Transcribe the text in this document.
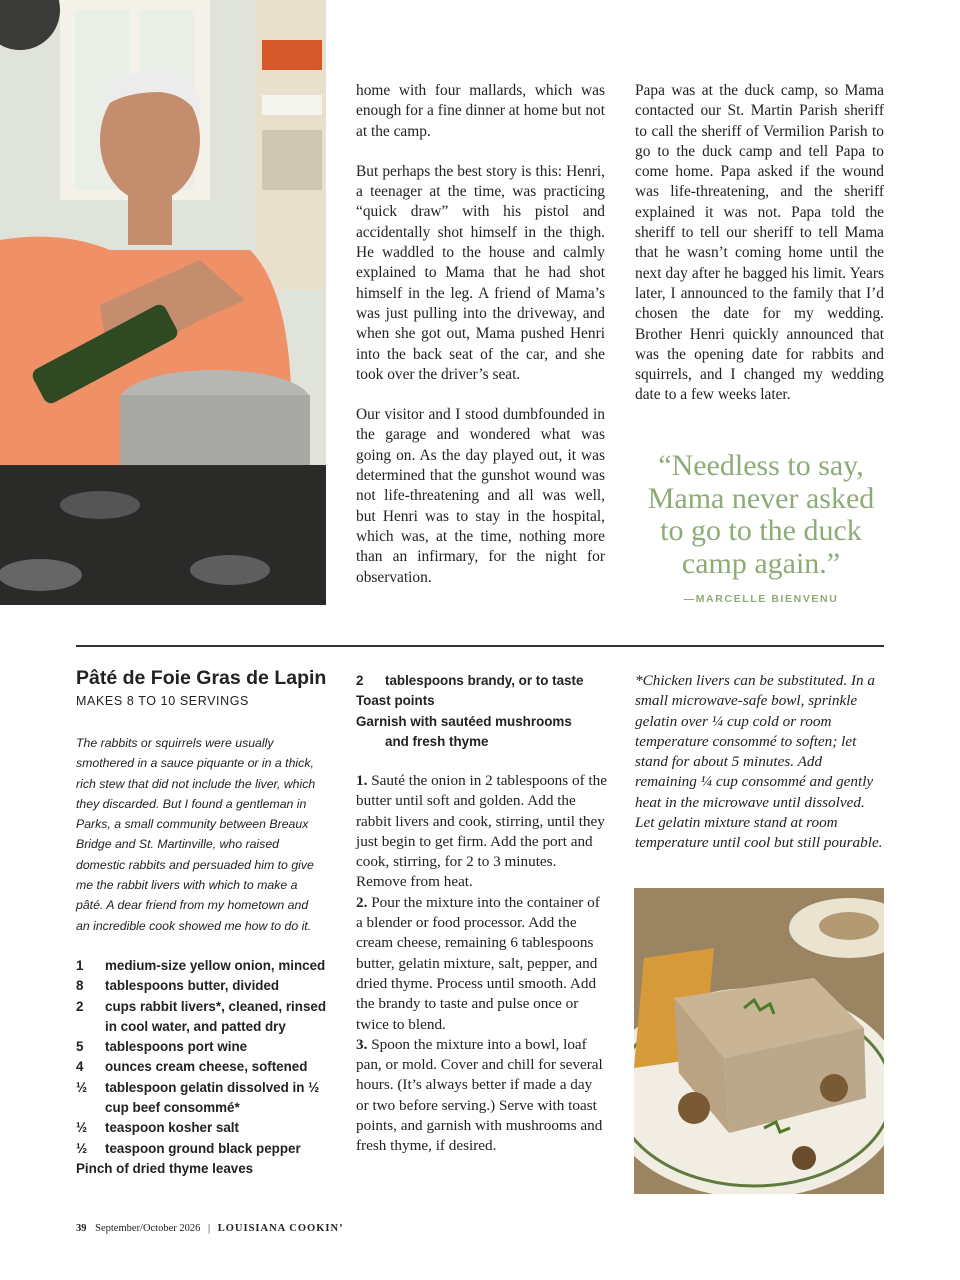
home with four mallards, which was enough for a fine dinner at home but not at the camp.

But perhaps the best story is this: Henri, a teenager at the time, was practicing “quick draw” with his pistol and accidentally shot himself in the thigh. He waddled to the house and calmly explained to Mama that he had shot himself in the leg. A friend of Mama’s was just pulling into the driveway, and when she got out, Mama pushed Henri into the back seat of the car, and she took over the driver’s seat.

Our visitor and I stood dumbfounded in the garage and wondered what was going on. As the day played out, it was determined that the gunshot wound was not life-threatening and all was well, but Henri was to stay in the hospital, which was, at the time, nothing more than an infirmary, for the night for observation.

Papa was at the duck camp, so Mama contacted our St. Martin Parish sheriff to call the sheriff of Vermilion Parish to go to the duck camp and tell Papa to come home. Papa asked if the wound was life-threatening, and the sheriff explained it was not. Papa told the sheriff to tell our sheriff to tell Mama that he wasn’t coming home until the next day after he bagged his limit. Years later, I announced to the family that I’d chosen the date for my wedding. Brother Henri quickly announced that was the opening date for rabbits and squirrels, and I changed my wedding date to a few weeks later.

“Needless to say, Mama never asked to go to the duck camp again.”
—MARCELLE BIENVENU
Pâté de Foie Gras de Lapin
MAKES 8 TO 10 SERVINGS
The rabbits or squirrels were usually smothered in a sauce piquante or in a thick, rich stew that did not include the liver, which they discarded. But I found a gentleman in Parks, a small community between Breaux Bridge and St. Martinville, who raised domestic rabbits and persuaded him to give me the rabbit livers with which to make a pâté. A dear friend from my hometown and an incredible cook showed me how to do it.
1	medium-size yellow onion, minced
8	tablespoons butter, divided
2	cups rabbit livers*, cleaned, rinsed in cool water, and patted dry
5	tablespoons port wine
4	ounces cream cheese, softened
½	tablespoon gelatin dissolved in ½ cup beef consommé*
½	teaspoon kosher salt
½	teaspoon ground black pepper
Pinch of dried thyme leaves
2	tablespoons brandy, or to taste
Toast points
Garnish with sautéed mushrooms
and fresh thyme
1. Sauté the onion in 2 tablespoons of the butter until soft and golden. Add the rabbit livers and cook, stirring, until they just begin to get firm. Add the port and cook, stirring, for 2 to 3 minutes. Remove from heat.
2. Pour the mixture into the container of a blender or food processor. Add the cream cheese, remaining 6 tablespoons butter, gelatin mixture, salt, pepper, and dried thyme. Process until smooth. Add the brandy to taste and pulse once or twice to blend.
3. Spoon the mixture into a bowl, loaf pan, or mold. Cover and chill for several hours. (It’s always better if made a day or two before serving.) Serve with toast points, and garnish with mushrooms and fresh thyme, if desired.
*Chicken livers can be substituted. In a small microwave-safe bowl, sprinkle gelatin over ¼ cup cold or room temperature consommé to soften; let stand for about 5 minutes. Add remaining ¼ cup consommé and gently heat in the microwave until dissolved. Let gelatin mixture stand at room temperature until cool but still pourable.
39 September/October 2026 | LOUISIANA COOKIN’
